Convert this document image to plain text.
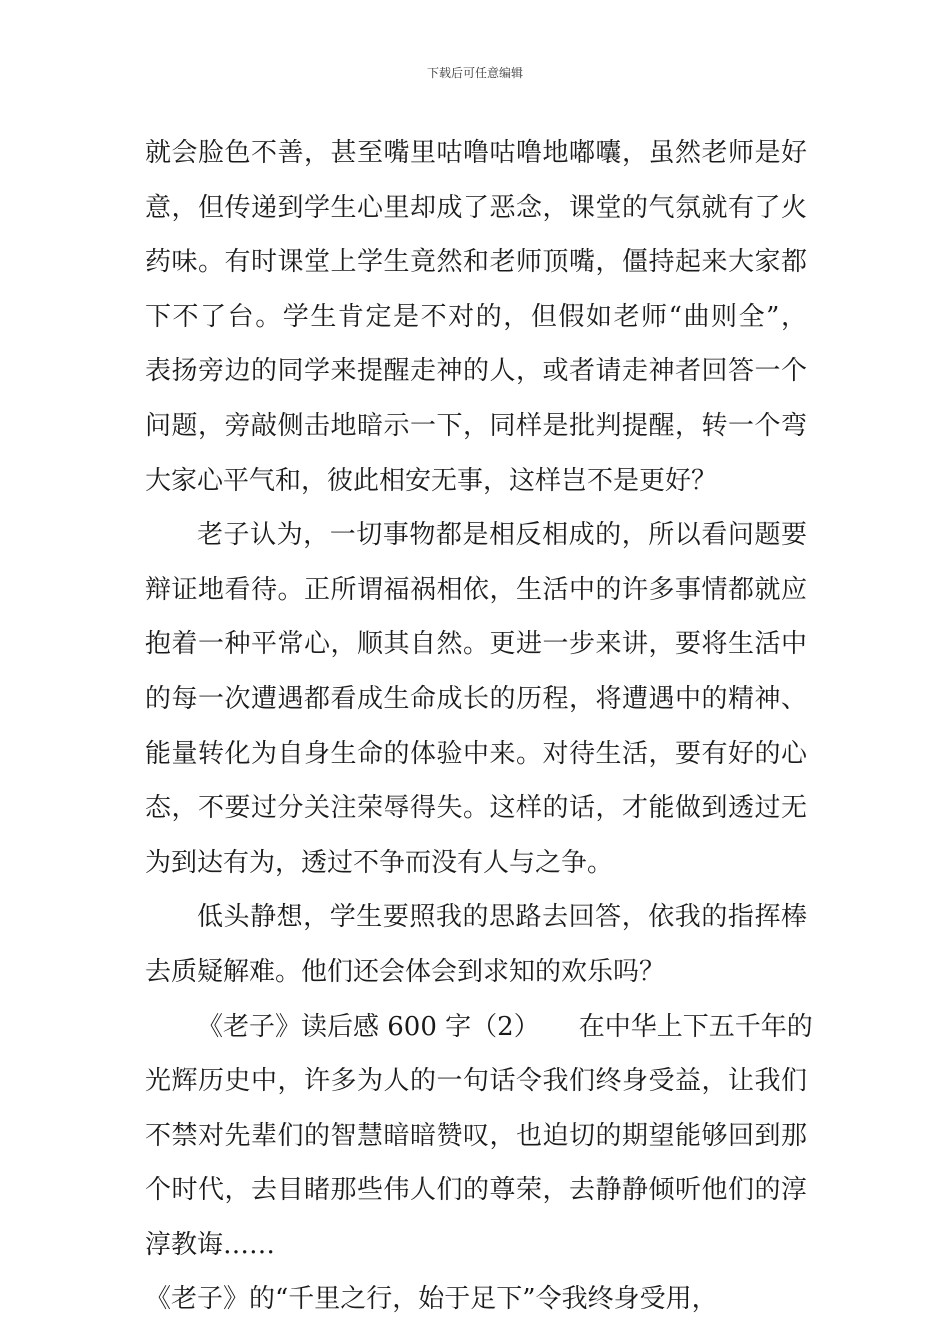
下载后可任意编辑
就会脸色不善，甚至嘴里咕噜咕噜地嘟囔，虽然老师是好
意，但传递到学生心里却成了恶念，课堂的气氛就有了火
药味。有时课堂上学生竟然和老师顶嘴，僵持起来大家都
下不了台。学生肯定是不对的，但假如老师“曲则全”，
表扬旁边的同学来提醒走神的人，或者请走神者回答一个
问题，旁敲侧击地暗示一下，同样是批判提醒，转一个弯
大家心平气和，彼此相安无事，这样岂不是更好？
老子认为，一切事物都是相反相成的，所以看问题要
辩证地看待。正所谓福祸相依，生活中的许多事情都就应
抱着一种平常心，顺其自然。更进一步来讲，要将生活中
的每一次遭遇都看成生命成长的历程，将遭遇中的精神、
能量转化为自身生命的体验中来。对待生活，要有好的心
态，不要过分关注荣辱得失。这样的话，才能做到透过无
为到达有为，透过不争而没有人与之争。
低头静想，学生要照我的思路去回答，依我的指挥棒
去质疑解难。他们还会体会到求知的欢乐吗？
《老子》读后感 600 字（2）　　在中华上下五千年的
光辉历史中，许多为人的一句话令我们终身受益，让我们
不禁对先辈们的智慧暗暗赞叹，也迫切的期望能够回到那
个时代，去目睹那些伟人们的尊荣，去静静倾听他们的淳
淳教诲……
《老子》的“千里之行，始于足下”令我终身受用，
